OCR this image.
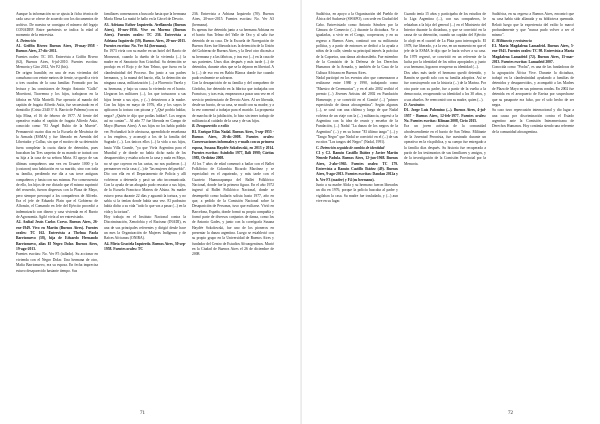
Aunque la información no se ajusta la ficha técnica de cada caso se ofrece de acuerdo con los documentos de archivo. De nuestra se consigna el número del legajo CONADEP. Entre paréntesis se indica la edad al momento de la entrevista.

A. Detención

A1. Griffin Rivero Buenos Aires, 19-may-1958 - Buenos Aires, 27-dic-2011.

Fuentes orales: TC 105. Entrevista a Griffin Rivero (62), Buenos Aires, 6-jul-2010. Fuentes escritas: Memoria y Giro 2012, Ver F2 (bis).

De origen humilde, en una de esas viviendas del conurbano con veinte metros de frente, se quedó a vivir a tres cuadras de la casa familiar. Formado por las lectura y las comisiones de Sergio Antonio "Gallo" Morettoni, Tiravenna y los hijos, trabajaron en la fábrica en Villa Martelli. Fue operario al mando del capitán de fragata Alfredo Astiz, fue secuestrado en el domicilio (Cristo 2340 3° A. Barrio de Palermo) con su hija Mina, el 16 de febrero de 1977. Al frente del operativo estaba el capitán de fragata Alfredo Astiz, conocido como "El Ángel Rubio de la Muerte". Permaneció cuatro días en la Escuela de Mecánica de la Armada (ESMA) y fue liberado en Avenida del Libertador y Callao, sin que el motivo de su detención fuera completar la cuota diaria de detenidos, pues buscaban las Tres carpetas de su mando se tratará con su hija a la casa de su señora Mirta. El apoyo de sus últimas compañeros una vez en Uruarte 1000 y la (costaron) una habitación en su marido, sino con toda su familia, perdiendo ese día a sus trece antiguos compañeros y hasta con sus mismas. Por consecuencia de ello, los hijos de ese dictado que él mismo suprimió del recuerdo, fueron dispersos con la Plaza de Mayo, pero siempre preocupó a los compañeros de Alfredo. Era el jefe de Eduardo Plain que el Gobierno de Alfonsín, el Comando en Jefe del Ejército procedió a indemnizarlo con dinero y casa vivienda en el Barrio de Agronomía. Agiló vivía al ser entrevistado.

A2. Aníbal Jesús Carlos Corvo. Buenos Aires, 26-ene-1949. Vivo en Martín (Buenos Aires). Fuentes orales: TC 162. Entrevista a Thelma Paola Barrionuevo (58), hija de Eduardo Hernando Barrionuevo, alias El Negro Dolar. Buenos Aires, 19-ago-2013.

Fuentes escritas: No. Ver F5 (tallado). Su accionar en vivienda con el Negro Dolar. Una hermana de otro, Mafia Barrionuevo, era su esposa. En fecha imprecisa estuvo desaparecido bastante tiempo. Sus

familiares comenzaron a buscarlo hasta que la hermana María Elena La maitó le hallo en la Cárcel de Devoto.

A3. Adriana Esther Izquierdo. Avellaneda (Buenos Aires), 10-nov-1956. Vive en Moreno (Buenos Aires). Fuentes orales: TC 236. Entrevista a Adriana Izquierdo (59). Buenos Aires, 20-nov-2015. Fuentes escritas: No. Ver A4 (hermana).

En 1973 vivía con su madre en un hotel del Barrio de Monserrat, cuando la dueña de la vivienda (...) la madre en el Sanatorio San Cristóbal. Su detención se produjo en el Rojo y de San Telmo, que fuera en la clandestinidad del Proceso. Iba junto a sus padres hermanos, y, la mamá del barrio, ella, la detención sin ninguna causa, militarización (...) a Florencio Varela y su hermana, y bajo su causa la viviendo en el barrio. Llegaron los militares (...), los que torturaron a sus hijos frente a sus ojos, y (...) detuvieron a la madre. Con los hijos en mayo de 1976, ella y los suyos le aplicaron la tortura con picana y "¿Qué podría hablar, negra? ¿Quién te dijo que podías hablar?. Los negros así no cantan"... Al año 77 fue liberada en Campo de Mayo (Buenos Aires). A sus hijos no los había podido ver. Profundizó la fe afectuosa, aprendida de enseñanza a los empleos, y aconsejó a los de la familia del Sagrado (...). Los únicos ellos (...) la vida a sus hijos, hasta Villa Grande, "ya que Vivía Argentina para el Mundial y de donde no había dicho nada de los desaparecidos y estaba sola en la casa y nada en Mayo, no sé que cayeron en las cartas, no nos pudieron (...) permanecer en la casa; (...) de "las mujeres del pueblo".

Dio con ella en el Departamento de Policía y allí volvieron a detenerla y pasó un año incomunicada. Con la ayuda de un abogado pudo rescatar a sus hijos, de la Escuela Francisco Mateos de Alsina. Su madre estuvo presa durante 22 días y aguantó la tortura, y no sabía si la tenían donde había una vez. El padrastro había dicho a su vida "todo lo que vas a pasar (...) en la vida y la tortura".

Hoy trabaja en el Instituto Nacional contra la Discriminación, Xenofobia y el Racismo (INADI), es una de sus principales referentes y dirigió desde hace un mes la Organización de Mujeres Indígenas y de Raíces Africanas (ONIRA).

A4. Mirta Graciela Izquierdo. Buenos Aires, 30-sep-1958. Fuentes orales: TC

236. Entrevista a Adriana Izquierdo (59). Buenos Aires, 20-nov-2015. Fuentes escritas: No. Ver A3 (hermana).

Es apenas fue detenida junto a su hermana Adriana en el barrio San Telmo del Valle de Oro y al salir fue detenida de su casa. De la Escuela de Navegación de Buenos Aires fue liberada tras la detención de la Unión del Gobierno de Buenos Aires, y la llevó otro día más a su hermana y a las fábricas, y tras eso (...) en la casa de sus parientes. Unos días después y más tarde (...) de detenidos, durante años que se la dejaron en libertad. A la (...) de eso era en Bahía Blanca donde fue cuando pudo realmente se salvaron.

Con la desaparición de su familia y del compañero de Córdoba, fue detenido en la fábrica que trabajaba con Francisco, y tras esta, empezaron a pasar una vez en el servicio penitenciario de Devoto Aires. Al ser liberada, desde un barrio, de su casa, se mudó con su madre, y a la vez comenzó a trabajar para el marido. La propuesta de marcha de la jubilación, lo hizo sin tener trabajo de militancia al cuidado de la casa y de sus hijos.

B. Desaparecido o exilio

B1. Enrique Elías Nadal. Buenos Aires, 5-sep-1955 - Buenos Aires, 26-dic-2008. Fuentes orales: Conversaciones informales y e-mails con su primera esposa, Susana Haydée Sokolowski, en 2013 y 2014. Fuentes escritas: Asinfolio 1977, Ikili 1998; Cáritas 1983, Ordóñez 2008.

Al los 7 años de edad comenzó a bailar con el Ballet Folklórico de Colombia Ricardo Martínez y se especializó en el zapateado, y más tarde con el Cuarteto Huanacapampa del Ballet Folklórico Nacional, donde fue la primera figura. En el año 1972 ingresó al Ballet Folklórico Nacional, donde se desempeñó como bailarín solista hasta 1977, año en que, a pedido de la Comisión Nacional sobre la Desaparición de Personas, tuvo que exiliarse. Vivió en Barcelona, España, donde formó su propia compañía y formó parte de diversos conjuntos de danza, como los de Antonio Gades, y junto con la coreógrafa Susana Haydée Sokolowski, fue uno de los pioneros en presentar la danza argentina. Luego se estableció con su propio grupo en la Universidad de Buenos Aires y fundador del Centro de Estudios Afroargentinos. Murió en la Ciudad de Buenos Aires el 26 de diciembre de 2008.

71

Sudáfrica, en apoyo a la Organización del Pueblo de África del Sudoeste (SWAPO), con sede en Ciudad del Cabo. Entrevistado como Antonio Sánchez por la Cámara de Comercio (...) durante la dictadura. Ve a igualarlas, a vivir en el Congo, cooperaron, y en su regreso a Buenos Aires, continuó con su militancia política, y a partir de entonces se dedicó a la ayuda a niños de la calle, siendo su principal interés la práctica de la Capoeira, una danza afrobrasileña. Fue miembro de la Comisión de la Defensa de los Derechos Humanos de la Armada, y también de la Casa de la Cultura Africana en Buenos Aires.

Nadal participó en los eventos afro que comenzaron a realizarse entre 1980 y 1990, trabajando como "Maestro de Ceremonias", y en el año 2002 recibió el premio (...) Jóvenes Artistas del 2002 en Fundación Homenaje; y se convirtió en el Comité (...) "primer espectáculo de danza afroargentina". Según algunos (...), se casó con una chilena y luego de que Nadal volviera de un viaje con la (...) militancia, regresó a la Argentina con la idea de reunir y enseñar de la Fundación, (...) Nadal "La danza de los negros de la Argentina" (...) y en su honor "El último tango" (...) y "Tango Negro" que Nadal se convirtió en el (...) de sus escritos "Los tangos del Negro" (Nadal, 1991).

C. Detención seguida de cambio de identidad

C1 y C2. Ramón Castillo Ibáñez y Javier Martín Nenede Padula. Buenos Aires, 12-jun-1968. Buenos Aires, 2-abr-1965. Fuentes orales: TC 179. Entrevista a Ramón Castillo Ibáñez (49). Buenos Aires, 9-ago-2013. Fuentes escritas: Dandan 2012a y b. Ver F3 (madre) y F4 (su hermano).

Junto a su madre Alida y su hermano fueron liberados un día en 1976, porque la policía buscaba al padre y vigilaban la casa. Su madre fue trasladada, y (...) aun vive en su lugar.

Cuando tenía 15 años y participaba de los estudios de la Liga Argentina (...), con sus compañeros, le relataban a la hija del general (...) en el Ministerio del Interior durante la dictadura, y que se convirtió en la causa de su detención, cuando un capitán del Ejército lo alojó en el cuartel de La Plata para interrogarlo. El 1978, fue liberado, y a la vez, en un momento en que el jefe de la ESMA le dijo que le haría volver a su casa. En 1979 regresó, se convirtió en un referente de la lucha por la identidad de los niños apropiados y, junto a su hermano, lograron recuperar su identidad (...).

Dos años más tarde el hermano quedó detenido, y Ramón se quedó solo con su familia adoptiva. Así se fue construyendo con la historia (...) de la Marina. Por otra parte con su padre, fue a partir de la vuelta a la democracia, recuperando su identidad a los 30 años, y a sus abuelos. Se reencontró con su madre, quien (...).

D. Asesinatos

D1. Jorge Luis Palomino (...). Buenos Aires, 4-jul-1957 - Buenos Aires, 12-feb-1977. Fuentes orales: No. Fuentes escritas: Kliman 2008, Cirio 2015.

Era un joven activista de la comunidad afrodescendiente en el barrio de San Telmo. Militante de la Juventud Peronista, fue asesinado durante un operativo en la vía pública, y su cuerpo fue entregado a la familia días después. Su historia fue recuperada a partir de los testimonios de sus familiares y amigos, y de la investigación de la Comisión Provincial por la Memoria.

Sudáfrica, en su regreso a Buenos Aires, encontró que su casa había sido allanada y su biblioteca quemada. Relató luego que la experiencia del exilio lo marcó profundamente y que "nunca pudo volver a ser el mismo".

E. Militancia y resistencia

E1. María Magdalena Lamadrid. Buenos Aires, 5-ene-1941. Fuentes orales: TC 98. Entrevista a María Magdalena Lamadrid (72). Buenos Aires, 15-mar-2013. Fuentes escritas: Lamadrid 2007.

Conocida como "Pocha", es una de las fundadoras de la agrupación África Vive. Durante la dictadura, trabajó en la clandestinidad ayudando a familias de detenidos y desaparecidos, y acompañó a las Madres de Plaza de Mayo en sus primeras rondas. En 2002 fue detenida en el aeropuerto de Ezeiza por sospecharse que su pasaporte era falso, por el solo hecho de ser negra.

Su caso tuvo repercusión internacional y dio lugar a una causa por discriminación contra el Estado argentino ante la Comisión Interamericana de Derechos Humanos. Hoy continúa siendo una referente de la comunidad afroargentina.

72
